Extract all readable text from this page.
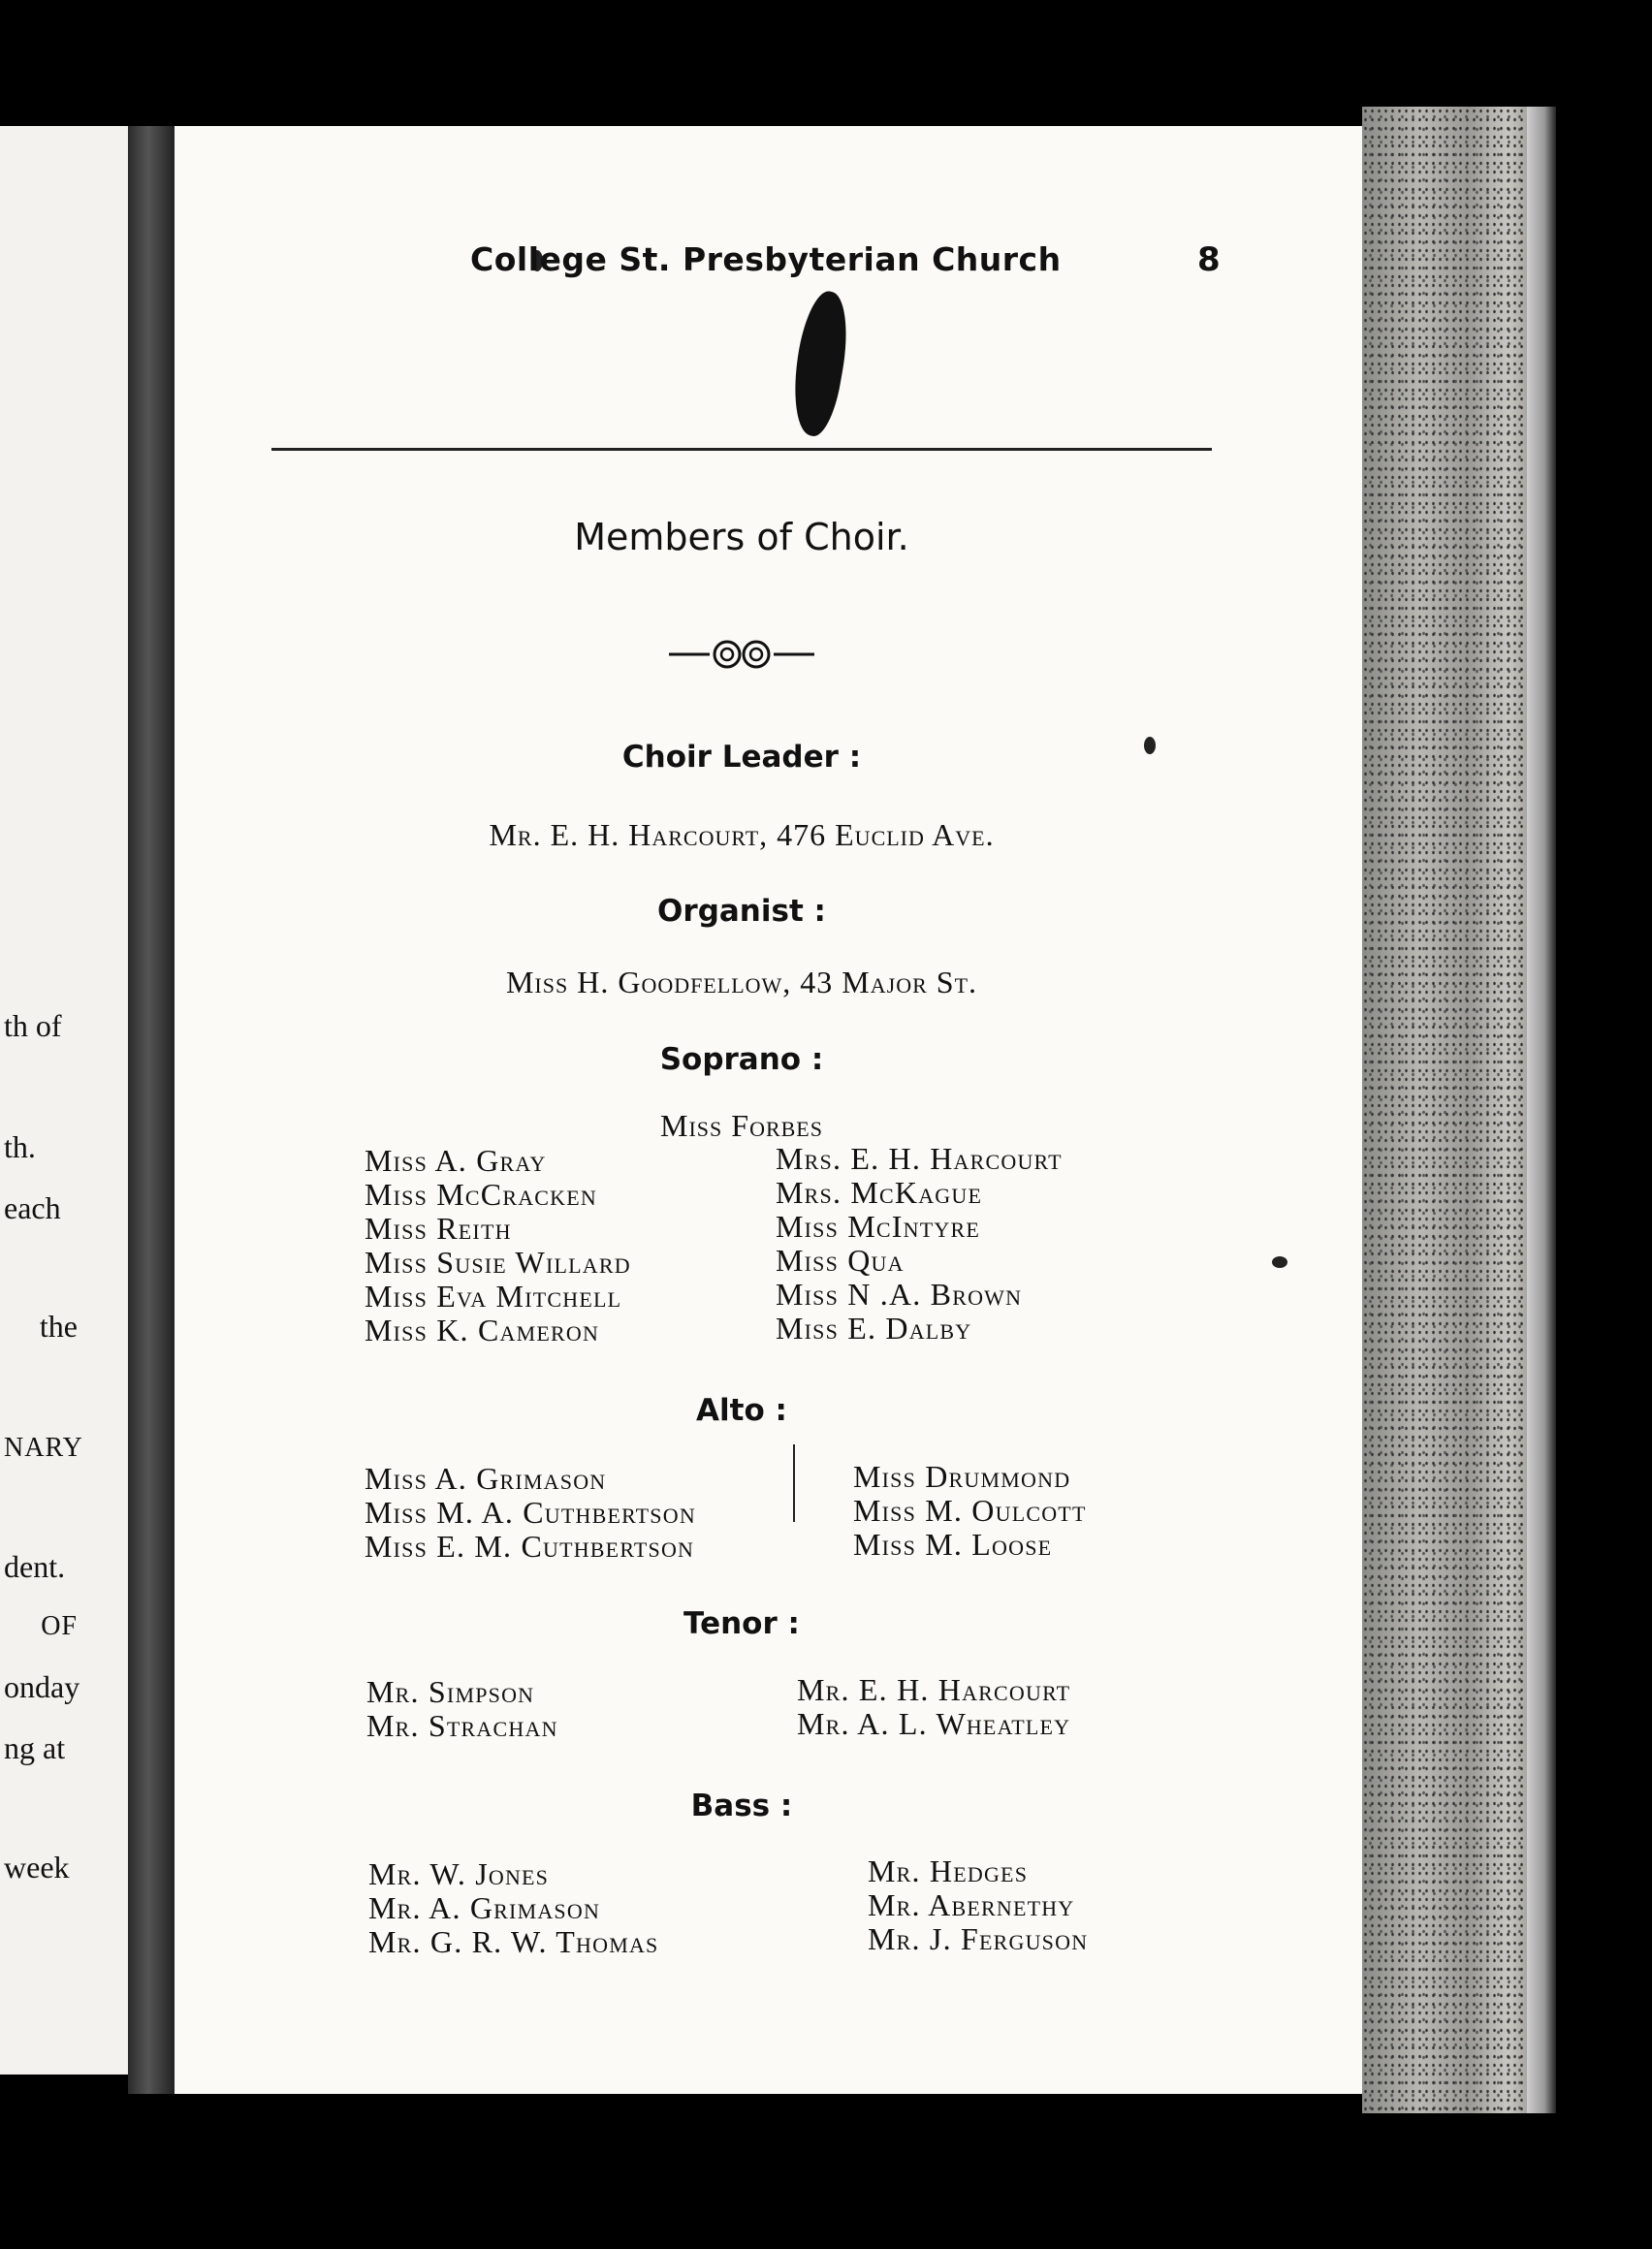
th of
th.
each
the
NARY
dent.
OF
onday
ng at
week
College St. Presbyterian Church	8
Members of Choir.
Choir Leader :
Mr. E. H. Harcourt, 476 Euclid Ave.
Organist :
Miss H. Goodfellow, 43 Major St.
Soprano :
Miss Forbes
Miss A. Gray
Miss McCracken
Miss Reith
Miss Susie Willard
Miss Eva Mitchell
Miss K. Cameron
Mrs. E. H. Harcourt
Mrs. McKague
Miss McIntyre
Miss Qua
Miss N .A. Brown
Miss E. Dalby
Alto :
Miss A. Grimason
Miss M. A. Cuthbertson
Miss E. M. Cuthbertson
Miss Drummond
Miss M. Oulcott
Miss M. Loose
Tenor :
Mr. Simpson
Mr. Strachan
Mr. E. H. Harcourt
Mr. A. L. Wheatley
Bass :
Mr. W. Jones
Mr. A. Grimason
Mr. G. R. W. Thomas
Mr. Hedges
Mr. Abernethy
Mr. J. Ferguson
